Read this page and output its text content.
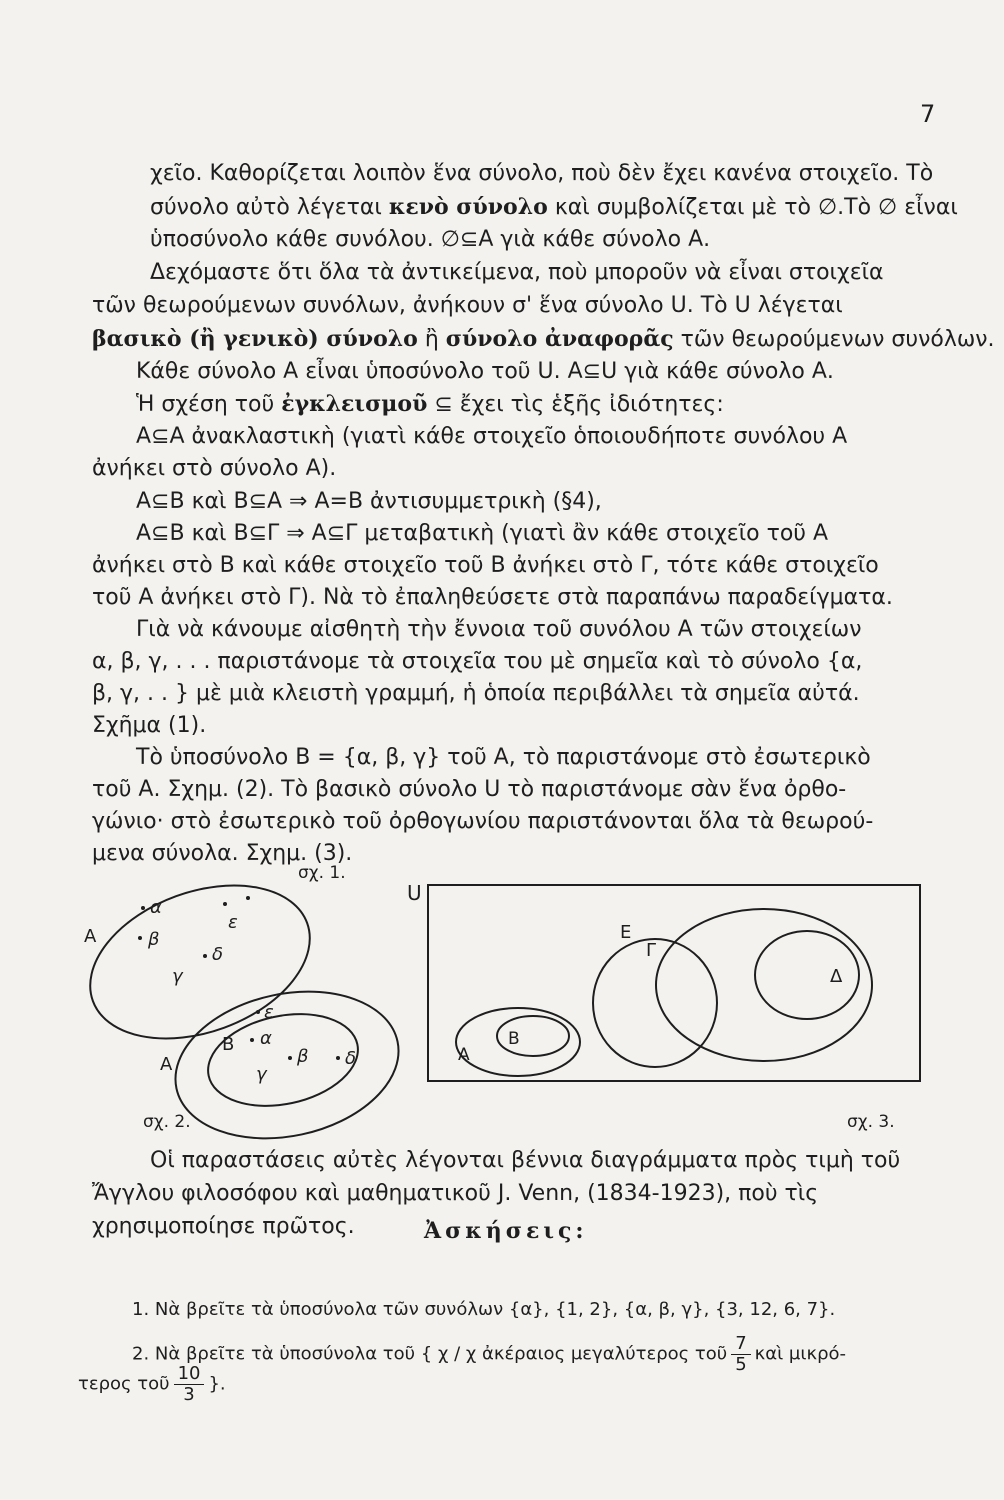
7
χεῖο. Καθορίζεται λοιπὸν ἕνα σύνολο, ποὺ δὲν ἔχει κανένα στοιχεῖο. Τὸ
σύνολο αὐτὸ λέγεται κενὸ σύνολο καὶ συμβολίζεται μὲ τὸ ∅.Τὸ ∅ εἶναι
ὑποσύνολο κάθε συνόλου. ∅⊆Α γιὰ κάθε σύνολο Α.
Δεχόμαστε ὅτι ὅλα τὰ ἀντικείμενα, ποὺ μποροῦν νὰ εἶναι στοιχεῖα
τῶν θεωρούμενων συνόλων, ἀνήκουν σ' ἕνα σύνολο U. Τὸ U λέγεται
βασικὸ (ἢ γενικὸ) σύνολο ἢ σύνολο ἀναφορᾶς τῶν θεωρούμενων συνόλων.
Κάθε σύνολο Α εἶναι ὑποσύνολο τοῦ U. Α⊆U γιὰ κάθε σύνολο Α.
Ἡ σχέση τοῦ ἐγκλεισμοῦ ⊆ ἔχει τὶς ἑξῆς ἰδιότητες:
Α⊆Α ἀνακλαστικὴ (γιατὶ κάθε στοιχεῖο ὁποιουδήποτε συνόλου Α
ἀνήκει στὸ σύνολο Α).
Α⊆Β καὶ Β⊆Α ⇒ Α=Β ἀντισυμμετρικὴ (§4),
Α⊆Β καὶ Β⊆Γ ⇒ Α⊆Γ μεταβατικὴ (γιατὶ ἂν κάθε στοιχεῖο τοῦ Α
ἀνήκει στὸ Β καὶ κάθε στοιχεῖο τοῦ Β ἀνήκει στὸ Γ, τότε κάθε στοιχεῖο
τοῦ Α ἀνήκει στὸ Γ). Νὰ τὸ ἐπαληθεύσετε στὰ παραπάνω παραδείγματα.
Γιὰ νὰ κάνουμε αἰσθητὴ τὴν ἔννοια τοῦ συνόλου Α τῶν στοιχείων
α, β, γ, . . . παριστάνομε τὰ στοιχεῖα του μὲ σημεῖα καὶ τὸ σύνολο {α,
β, γ, . . } μὲ μιὰ κλειστὴ γραμμή, ἡ ὁποία περιβάλλει τὰ σημεῖα αὐτά.
Σχῆμα (1).
Τὸ ὑποσύνολο Β = {α, β, γ} τοῦ Α, τὸ παριστάνομε στὸ ἐσωτερικὸ
τοῦ Α. Σχημ. (2). Τὸ βασικὸ σύνολο U τὸ παριστάνομε σὰν ἕνα ὀρθο-
γώνιο· στὸ ἐσωτερικὸ τοῦ ὀρθογωνίου παριστάνονται ὅλα τὰ θεωρού-
μενα σύνολα. Σχημ. (3).
σχ. 1.
A
α
β
ε
δ
γ
ε
A
B α
β δ
γ
σχ. 2.
U
A
B
E
Γ
Δ
σχ. 3.
Οἱ παραστάσεις αὐτὲς λέγονται βέννια διαγράμματα πρὸς τιμὴ τοῦ
Ἄγγλου φιλοσόφου καὶ μαθηματικοῦ J. Venn, (1834-1923), ποὺ τὶς
χρησιμοποίησε πρῶτος.	Ἀσκήσεις:
1. Νὰ βρεῖτε τὰ ὑποσύνολα τῶν συνόλων {α}, {1, 2}, {α, β, γ}, {3, 12, 6, 7}.
2. Νὰ βρεῖτε τὰ ὑποσύνολα τοῦ { χ / χ ἀκέραιος μεγαλύτερος τοῦ $\frac{7}{5}$ καὶ μικρό-
τερος τοῦ $\frac{10}{3}$ }.
